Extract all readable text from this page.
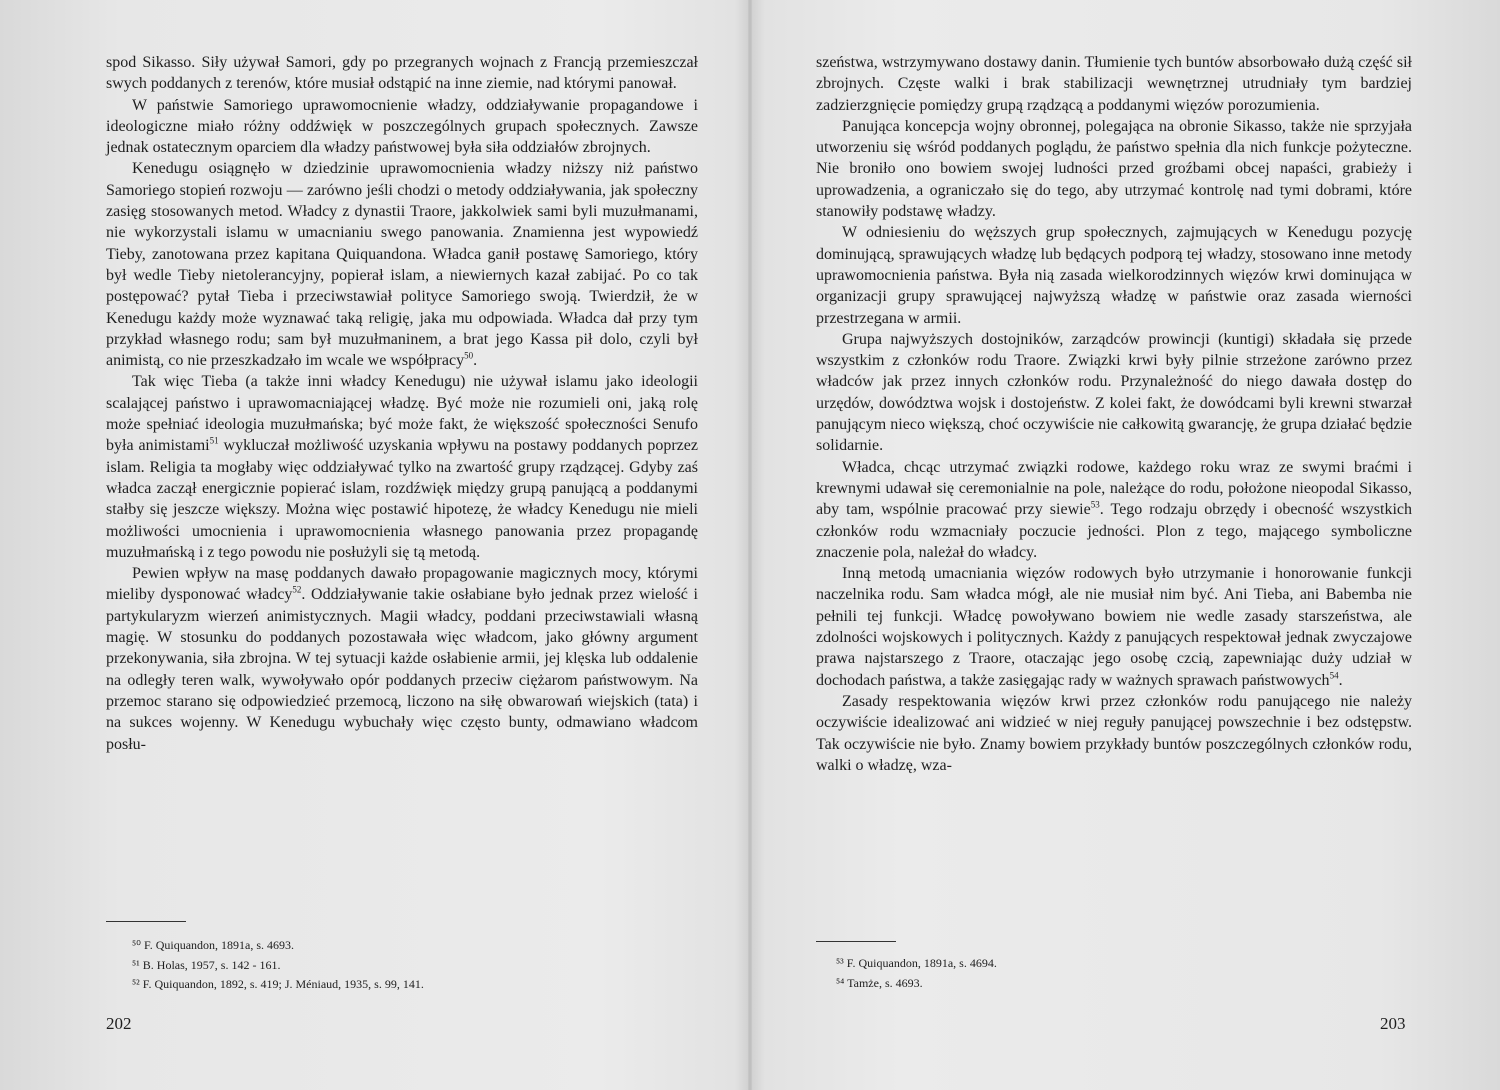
spod Sikasso. Siły używał Samori, gdy po przegranych wojnach z Francją przemieszczał swych poddanych z terenów, które musiał odstąpić na inne ziemie, nad którymi panował.

W państwie Samoriego uprawomocnienie władzy, oddziaływanie propagandowe i ideologiczne miało różny oddźwięk w poszczególnych grupach społecznych. Zawsze jednak ostatecznym oparciem dla władzy państwowej była siła oddziałów zbrojnych.

Kenedugu osiągnęło w dziedzinie uprawomocnienia władzy niższy niż państwo Samoriego stopień rozwoju — zarówno jeśli chodzi o metody oddziaływania, jak społeczny zasięg stosowanych metod. Władcy z dynastii Traore, jakkolwiek sami byli muzułmanami, nie wykorzystali islamu w umacnianiu swego panowania. Znamienna jest wypowiedź Tieby, zanotowana przez kapitana Quiquandona. Władca ganił postawę Samoriego, który był wedle Tieby nietolerancyjny, popierał islam, a niewiernych kazał zabijać. Po co tak postępować? pytał Tieba i przeciwstawiał polityce Samoriego swoją. Twierdził, że w Kenedugu każdy może wyznawać taką religię, jaka mu odpowiada. Władca dał przy tym przykład własnego rodu; sam był muzułmaninem, a brat jego Kassa pił dolo, czyli był animistą, co nie przeszkadzało im wcale we współpracy$^{50}$.

Tak więc Tieba (a także inni władcy Kenedugu) nie używał islamu jako ideologii scalającej państwo i uprawomacniającej władzę. Być może nie rozumieli oni, jaką rolę może spełniać ideologia muzułmańska; być może fakt, że większość społeczności Senufo była animistami$^{51}$ wykluczał możliwość uzyskania wpływu na postawy poddanych poprzez islam. Religia ta mogłaby więc oddziaływać tylko na zwartość grupy rządzącej. Gdyby zaś władca zaczął energicznie popierać islam, rozdźwięk między grupą panującą a poddanymi stałby się jeszcze większy. Można więc postawić hipotezę, że władcy Kenedugu nie mieli możliwości umocnienia i uprawomocnienia własnego panowania przez propagandę muzułmańską i z tego powodu nie posłużyli się tą metodą.

Pewien wpływ na masę poddanych dawało propagowanie magicznych mocy, którymi mieliby dysponować władcy$^{52}$. Oddziaływanie takie osłabiane było jednak przez wielość i partykularyzm wierzeń animistycznych. Magii władcy, poddani przeciwstawiali własną magię. W stosunku do poddanych pozostawała więc władcom, jako główny argument przekonywania, siła zbrojna. W tej sytuacji każde osłabienie armii, jej klęska lub oddalenie na odległy teren walk, wywoływało opór poddanych przeciw ciężarom państwowym. Na przemoc starano się odpowiedzieć przemocą, liczono na siłę obwarowań wiejskich (tata) i na sukces wojenny. W Kenedugu wybuchały więc często bunty, odmawiano władcom posłu-

⁵⁰ F. Quiquandon, 1891a, s. 4693.

⁵¹ B. Holas, 1957, s. 142 - 161.

⁵² F. Quiquandon, 1892, s. 419; J. Méniaud, 1935, s. 99, 141.

202

szeństwa, wstrzymywano dostawy danin. Tłumienie tych buntów absorbowało dużą część sił zbrojnych. Częste walki i brak stabilizacji wewnętrznej utrudniały tym bardziej zadzierzgnięcie pomiędzy grupą rządzącą a poddanymi więzów porozumienia.

Panująca koncepcja wojny obronnej, polegająca na obronie Sikasso, także nie sprzyjała utworzeniu się wśród poddanych poglądu, że państwo spełnia dla nich funkcje pożyteczne. Nie broniło ono bowiem swojej ludności przed groźbami obcej napaści, grabieży i uprowadzenia, a ograniczało się do tego, aby utrzymać kontrolę nad tymi dobrami, które stanowiły podstawę władzy.

W odniesieniu do węższych grup społecznych, zajmujących w Kenedugu pozycję dominującą, sprawujących władzę lub będących podporą tej władzy, stosowano inne metody uprawomocnienia państwa. Była nią zasada wielkorodzinnych więzów krwi dominująca w organizacji grupy sprawującej najwyższą władzę w państwie oraz zasada wierności przestrzegana w armii.

Grupa najwyższych dostojników, zarządców prowincji (kuntigi) składała się przede wszystkim z członków rodu Traore. Związki krwi były pilnie strzeżone zarówno przez władców jak przez innych członków rodu. Przynależność do niego dawała dostęp do urzędów, dowództwa wojsk i dostojeństw. Z kolei fakt, że dowódcami byli krewni stwarzał panującym nieco większą, choć oczywiście nie całkowitą gwarancję, że grupa działać będzie solidarnie.

Władca, chcąc utrzymać związki rodowe, każdego roku wraz ze swymi braćmi i krewnymi udawał się ceremonialnie na pole, należące do rodu, położone nieopodal Sikasso, aby tam, wspólnie pracować przy siewie$^{53}$. Tego rodzaju obrzędy i obecność wszystkich członków rodu wzmacniały poczucie jedności. Plon z tego, mającego symboliczne znaczenie pola, należał do władcy.

Inną metodą umacniania więzów rodowych było utrzymanie i honorowanie funkcji naczelnika rodu. Sam władca mógł, ale nie musiał nim być. Ani Tieba, ani Babemba nie pełnili tej funkcji. Władcę powoływano bowiem nie wedle zasady starszeństwa, ale zdolności wojskowych i politycznych. Każdy z panujących respektował jednak zwyczajowe prawa najstarszego z Traore, otaczając jego osobę czcią, zapewniając duży udział w dochodach państwa, a także zasięgając rady w ważnych sprawach państwowych$^{54}$.

Zasady respektowania więzów krwi przez członków rodu panującego nie należy oczywiście idealizować ani widzieć w niej reguły panującej powszechnie i bez odstępstw. Tak oczywiście nie było. Znamy bowiem przykłady buntów poszczególnych członków rodu, walki o władzę, wza-

⁵³ F. Quiquandon, 1891a, s. 4694.

⁵⁴ Tamże, s. 4693.

203
